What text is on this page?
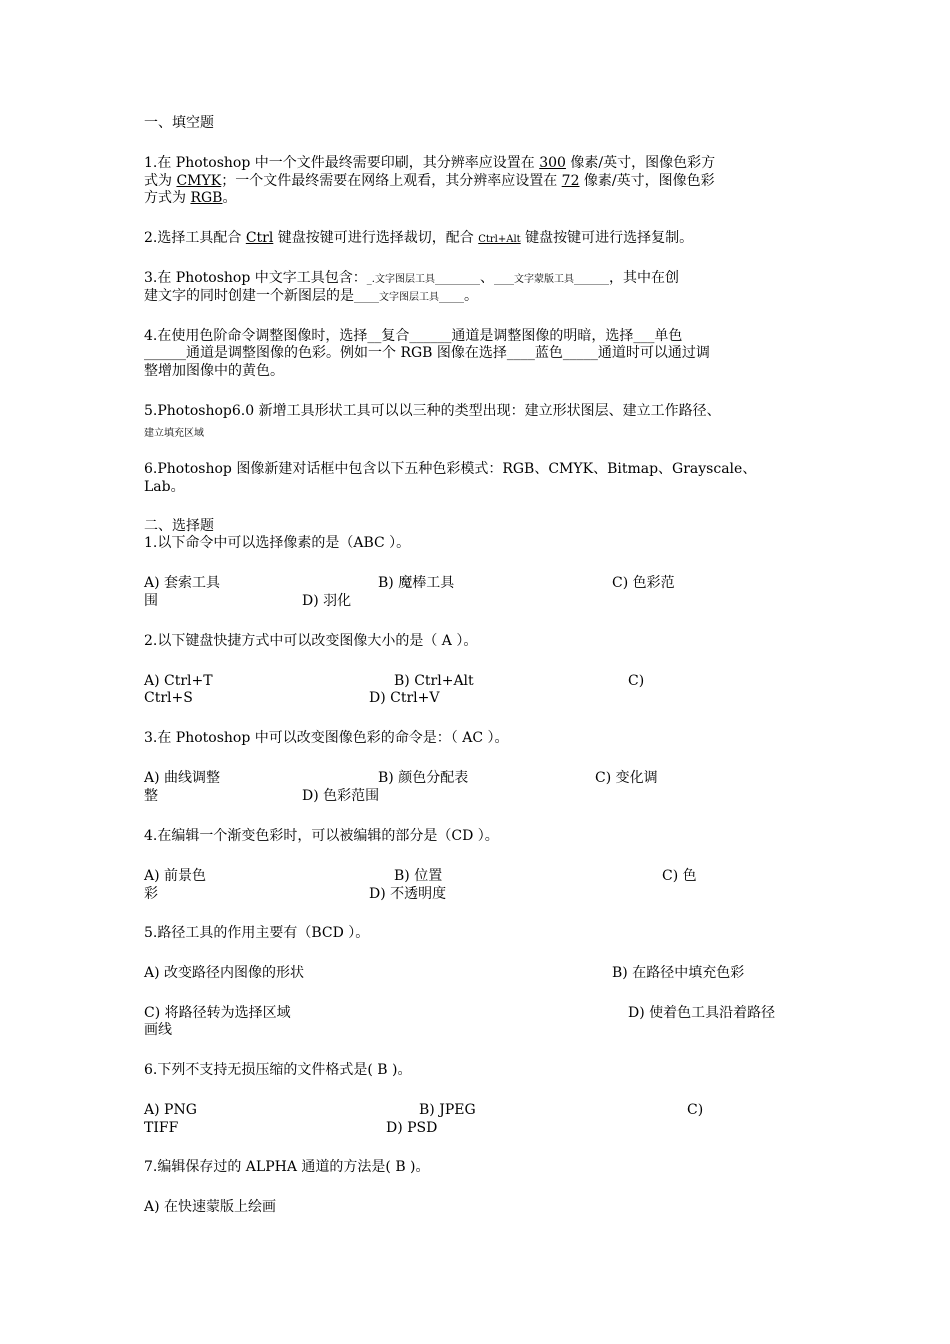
一、填空题
1.在 Photoshop 中一个文件最终需要印刷，其分辨率应设置在 300 像素/英寸，图像色彩方
式为 CMYK；一个文件最终需要在网络上观看，其分辨率应设置在 72 像素/英寸，图像色彩
方式为 RGB。
2.选择工具配合 Ctrl 键盘按键可进行选择裁切，配合 Ctrl+Alt 键盘按键可进行选择复制。
3.在 Photoshop 中文字工具包含：_.文字图层工具_________、____文字蒙版工具_______，其中在创
建文字的同时创建一个新图层的是_____文字图层工具_____。
4.在使用色阶命令调整图像时，选择__复合______通道是调整图像的明暗，选择___单色
______通道是调整图像的色彩。例如一个 RGB 图像在选择____蓝色_____通道时可以通过调
整增加图像中的黄色。
5.Photoshop6.0 新增工具形状工具可以以三种的类型出现：建立形状图层、建立工作路径、
建立填充区域
6.Photoshop 图像新建对话框中包含以下五种色彩模式：RGB、CMYK、Bitmap、Grayscale、
Lab。
二、选择题
1.以下命令中可以选择像素的是（ABC ）。
A) 套索工具	B) 魔棒工具	C) 色彩范
围	D) 羽化
2.以下键盘快捷方式中可以改变图像大小的是（ A ）。
A) Ctrl+T	B) Ctrl+Alt	C)
Ctrl+S	D) Ctrl+V
3.在 Photoshop 中可以改变图像色彩的命令是：（ AC ）。
A) 曲线调整	B) 颜色分配表	C) 变化调
整	D) 色彩范围
4.在编辑一个渐变色彩时，可以被编辑的部分是（CD ）。
A) 前景色	B) 位置	C) 色
彩	D) 不透明度
5.路径工具的作用主要有（BCD ）。
A) 改变路径内图像的形状	B) 在路径中填充色彩
C) 将路径转为选择区域	D) 使着色工具沿着路径
画线
6.下列不支持无损压缩的文件格式是( B )。
A) PNG	B) JPEG	C)
TIFF	D) PSD
7.编辑保存过的 ALPHA 通道的方法是( B )。
A) 在快速蒙版上绘画
